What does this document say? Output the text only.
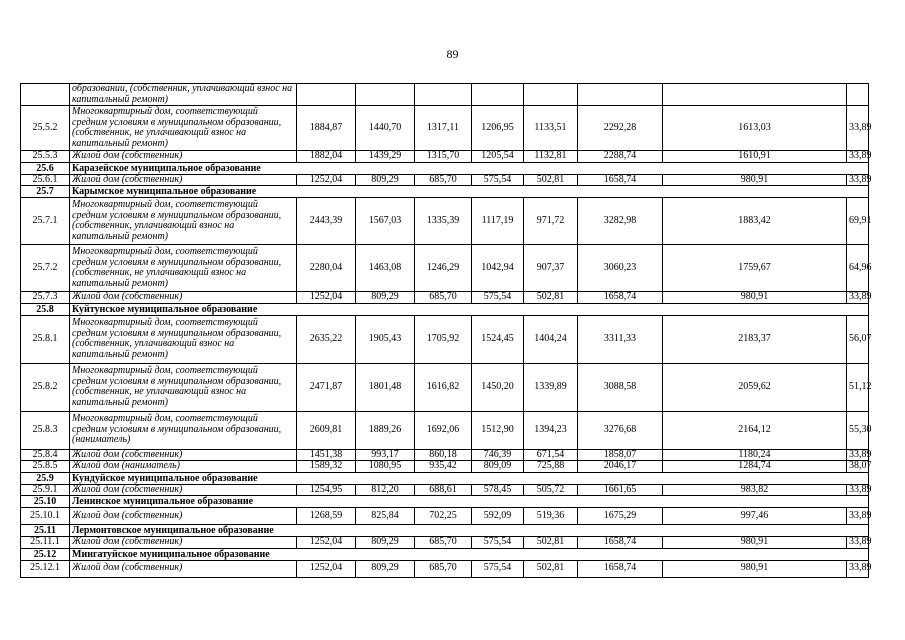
89
	образовании, (собственник, уплачивающий взнос на капитальный ремонт)								
25.5.2	Многоквартирный дом, соответствующий средним условиям в муниципальном образовании, (собственник, не уплачивающий взнос на капитальный ремонт)	1884,87	1440,70	1317,11	1206,95	1133,51	2292,28	1613,03	33,89
25.5.3	Жилой дом (собственник)	1882,04	1439,29	1315,70	1205,54	1132,81	2288,74	1610,91	33,89
25.6	Каразейское муниципальное образование								
25.6.1	Жилой дом (собственник)	1252,04	809,29	685,70	575,54	502,81	1658,74	980,91	33,89
25.7	Карымское муниципальное образование								
25.7.1	Многоквартирный дом, соответствующий средним условиям в муниципальном образовании, (собственник, уплачивающий взнос на капитальный ремонт)	2443,39	1567,03	1335,39	1117,19	971,72	3282,98	1883,42	69,91
25.7.2	Многоквартирный дом, соответствующий средним условиям в муниципальном образовании, (собственник, не уплачивающий взнос на капитальный ремонт)	2280,04	1463,08	1246,29	1042,94	907,37	3060,23	1759,67	64,96
25.7.3	Жилой дом (собственник)	1252,04	809,29	685,70	575,54	502,81	1658,74	980,91	33,89
25.8	Куйтунское муниципальное образование								
25.8.1	Многоквартирный дом, соответствующий средним условиям в муниципальном образовании, (собственник, уплачивающий взнос на капитальный ремонт)	2635,22	1905,43	1705,92	1524,45	1404,24	3311,33	2183,37	56,07
25.8.2	Многоквартирный дом, соответствующий средним условиям в муниципальном образовании, (собственник, не уплачивающий взнос на капитальный ремонт)	2471,87	1801,48	1616,82	1450,20	1339,89	3088,58	2059,62	51,12
25.8.3	Многоквартирный дом, соответствующий средним условиям в муниципальном образовании, (наниматель)	2609,81	1889,26	1692,06	1512,90	1394,23	3276,68	2164,12	55,30
25.8.4	Жилой дом (собственник)	1451,38	993,17	860,18	746,39	671,54	1858,07	1180,24	33,89
25.8.5	Жилой дом (наниматель)	1589,32	1080,95	935,42	809,09	725,88	2046,17	1284,74	38,07
25.9	Кундуйское муниципальное образование								
25.9.1	Жилой дом (собственник)	1254,95	812,20	688,61	578,45	505,72	1661,65	983,82	33,89
25.10	Ленинское муниципальное образование								
25.10.1	Жилой дом (собственник)	1268,59	825,84	702,25	592,09	519,36	1675,29	997,46	33,89
25.11	Лермонтовское муниципальное образование								
25.11.1	Жилой дом (собственник)	1252,04	809,29	685,70	575,54	502,81	1658,74	980,91	33,89
25.12	Мингатуйское муниципальное образование								
25.12.1	Жилой дом (собственник)	1252,04	809,29	685,70	575,54	502,81	1658,74	980,91	33,89
